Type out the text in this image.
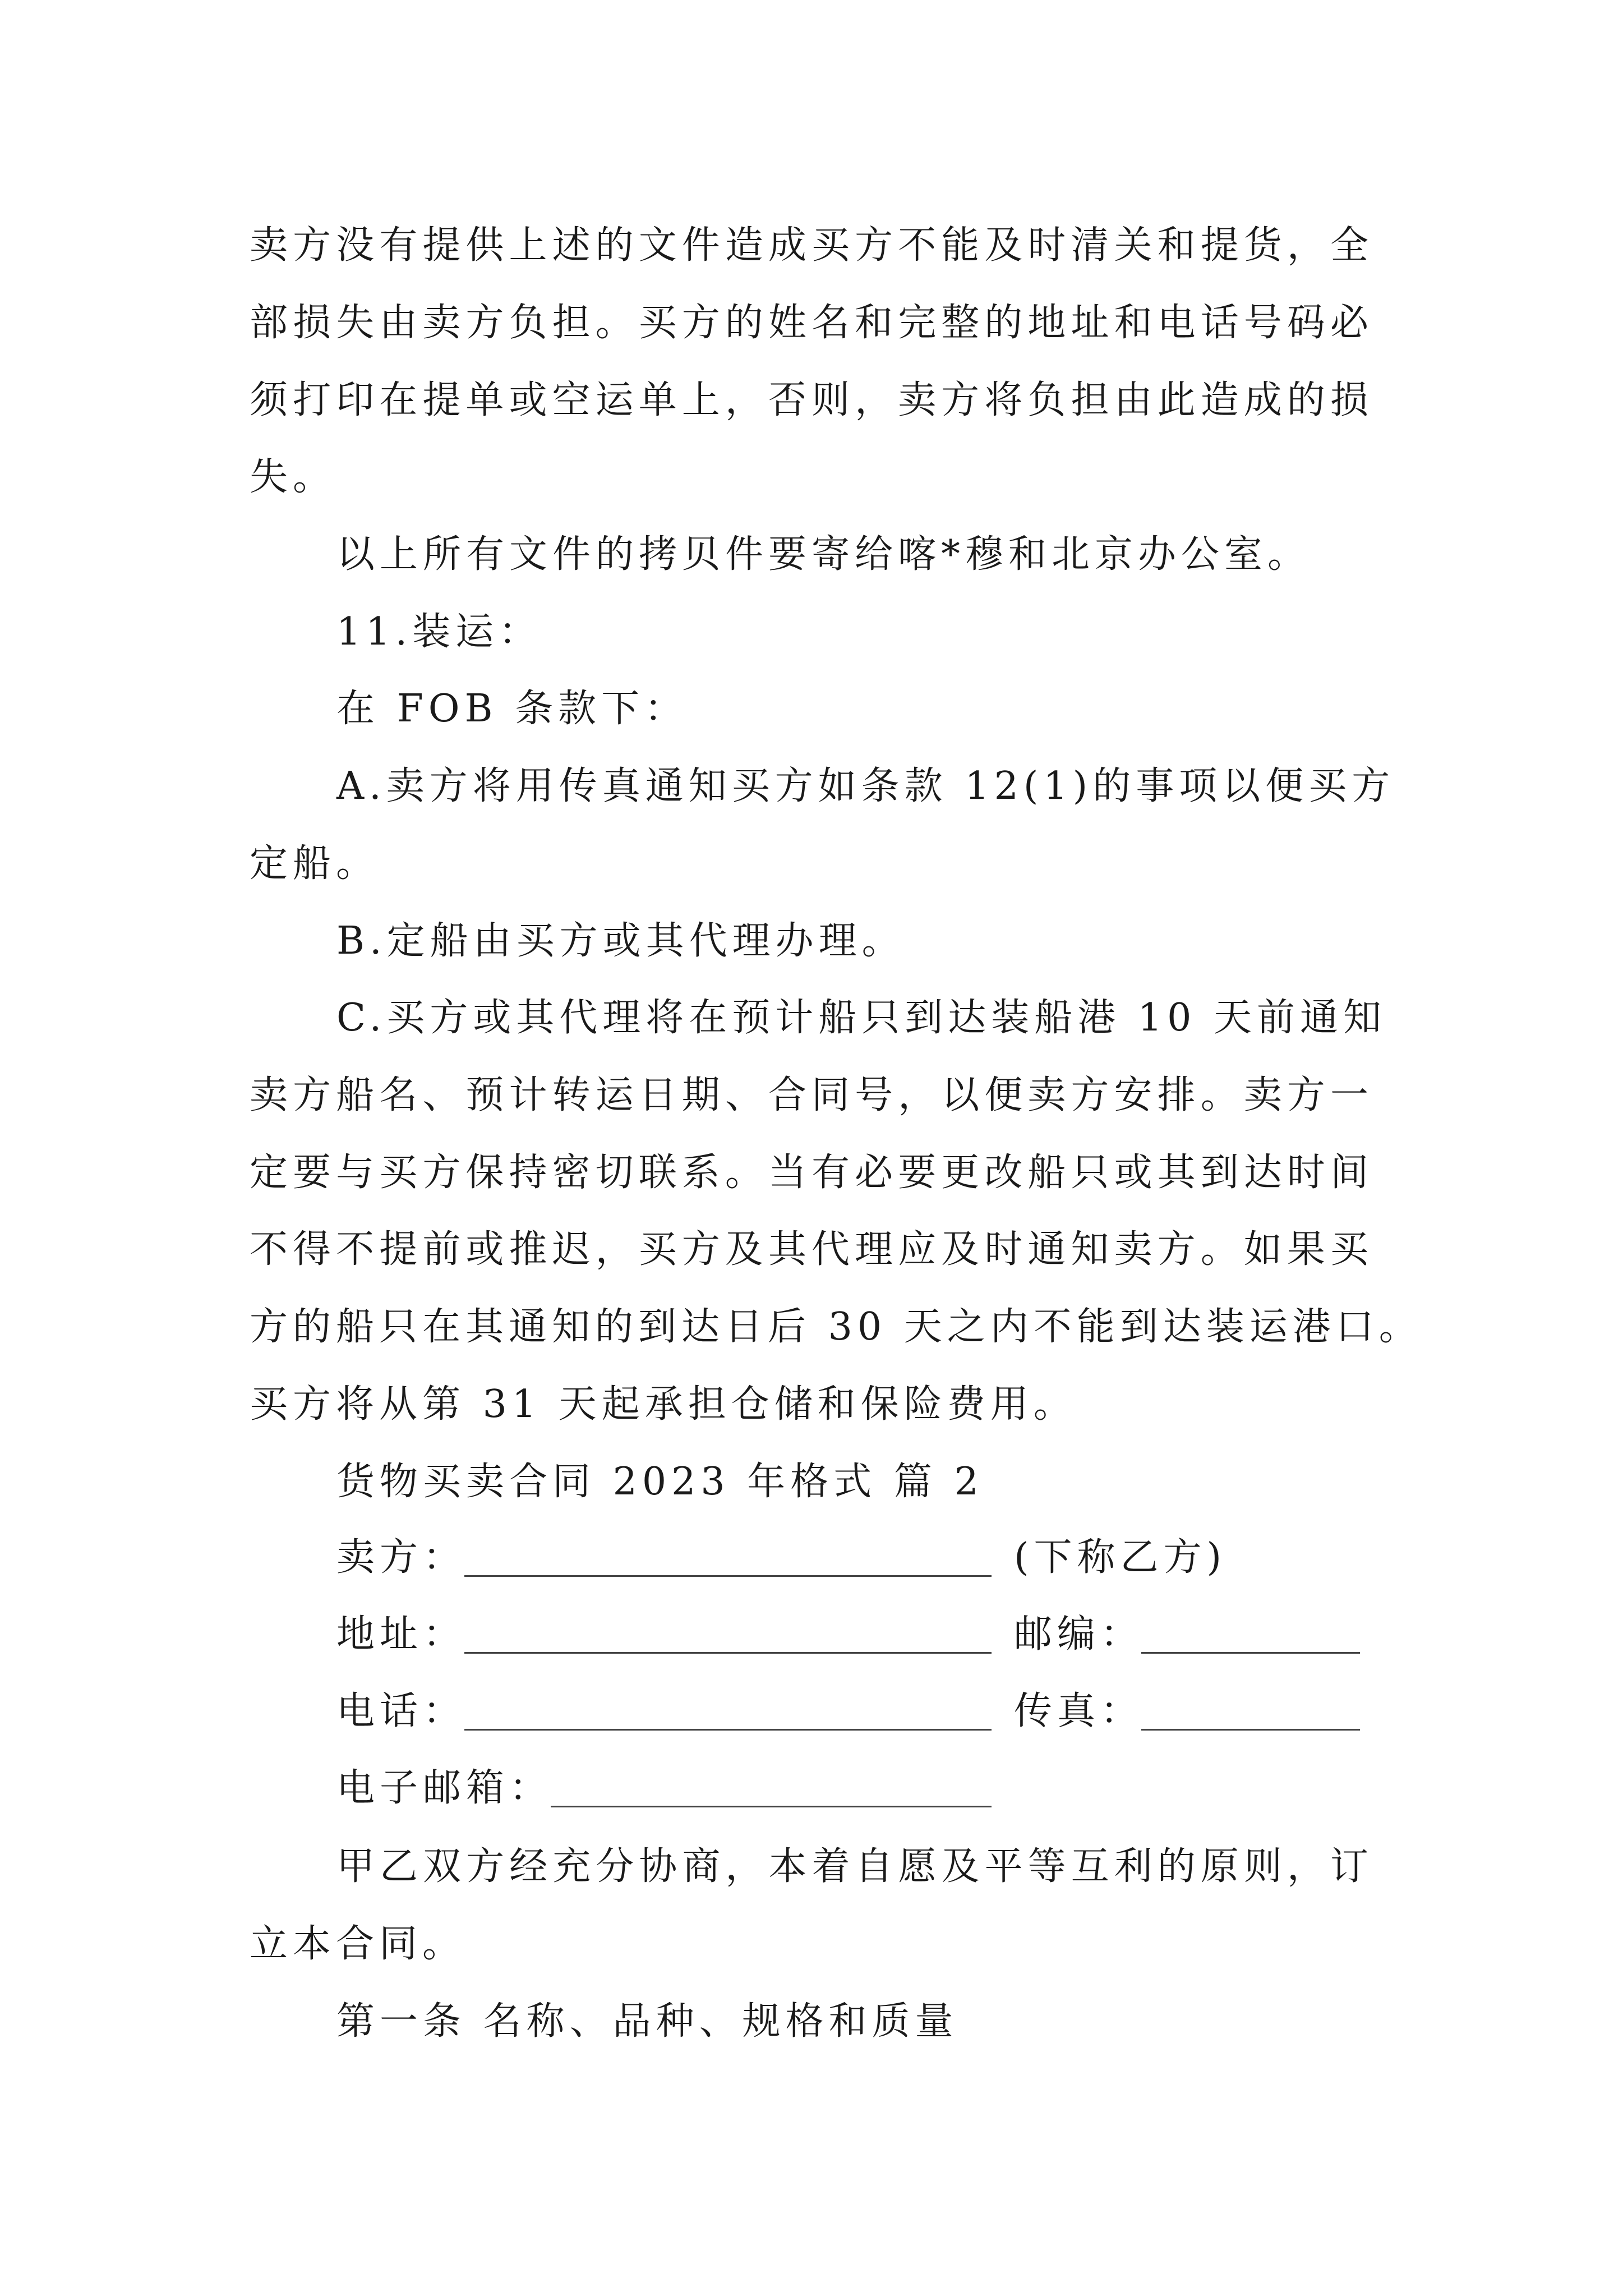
卖方没有提供上述的文件造成买方不能及时清关和提货，全
部损失由卖方负担。买方的姓名和完整的地址和电话号码必
须打印在提单或空运单上，否则，卖方将负担由此造成的损
失。
以上所有文件的拷贝件要寄给喀*穆和北京办公室。
11.装运：
在 FOB 条款下：
A.卖方将用传真通知买方如条款 12(1)的事项以便买方
定船。
B.定船由买方或其代理办理。
C.买方或其代理将在预计船只到达装船港 10 天前通知
卖方船名、预计转运日期、合同号，以便卖方安排。卖方一
定要与买方保持密切联系。当有必要更改船只或其到达时间
不得不提前或推迟，买方及其代理应及时通知卖方。如果买
方的船只在其通知的到达日后 30 天之内不能到达装运港口。
买方将从第 31 天起承担仓储和保险费用。
货物买卖合同 2023 年格式 篇 2
卖方：	(下称乙方)
地址：	邮编：
电话：	传真：
电子邮箱：
甲乙双方经充分协商，本着自愿及平等互利的原则，订
立本合同。
第一条 名称、品种、规格和质量
